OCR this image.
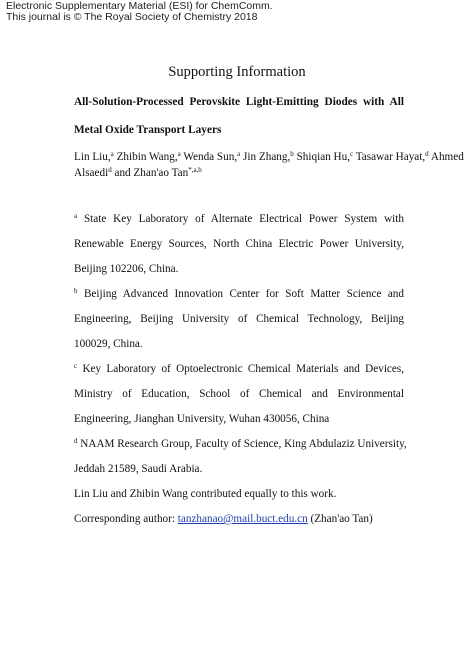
Electronic Supplementary Material (ESI) for ChemComm.
This journal is © The Royal Society of Chemistry 2018
Supporting Information
All-Solution-Processed Perovskite Light-Emitting Diodes with All
Metal Oxide Transport Layers
Lin Liu,$^a$ Zhibin Wang,$^a$ Wenda Sun,$^a$ Jin Zhang,$^b$ Shiqian Hu,$^c$ Tasawar Hayat,$^d$ Ahmed
Alsaedi$^d$ and Zhan'ao Tan$^{*,a,b}$
$^a$ State Key Laboratory of Alternate Electrical Power System with
Renewable Energy Sources, North China Electric Power University,
Beijing 102206, China.
$^b$ Beijing Advanced Innovation Center for Soft Matter Science and
Engineering, Beijing University of Chemical Technology, Beijing
100029, China.
$^c$ Key Laboratory of Optoelectronic Chemical Materials and Devices,
Ministry of Education, School of Chemical and Environmental
Engineering, Jianghan University, Wuhan 430056, China
$^d$ NAAM Research Group, Faculty of Science, King Abdulaziz University,
Jeddah 21589, Saudi Arabia.
Lin Liu and Zhibin Wang contributed equally to this work.
Corresponding author: tanzhanao@mail.buct.edu.cn (Zhan'ao Tan)
